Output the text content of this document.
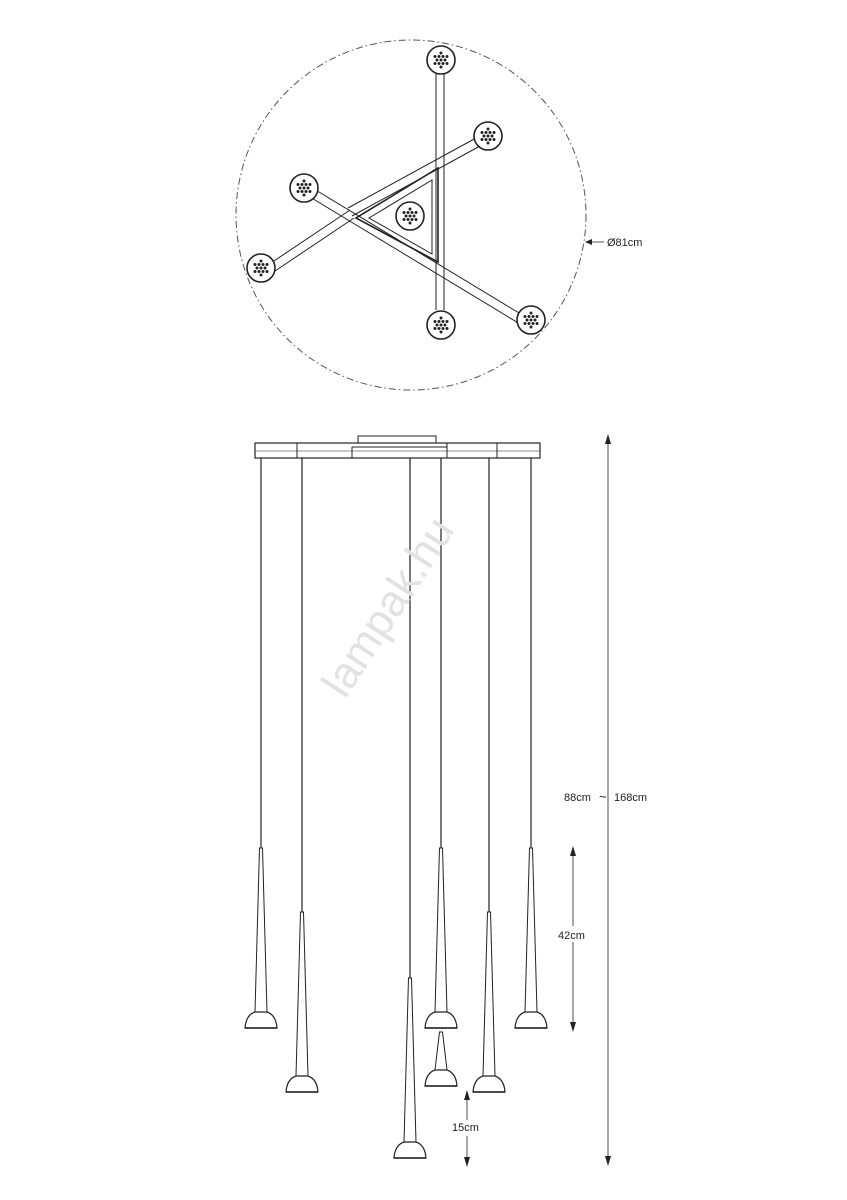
Ø81cm
88cm ~ 168cm
42cm
15cm
lampak.hu
